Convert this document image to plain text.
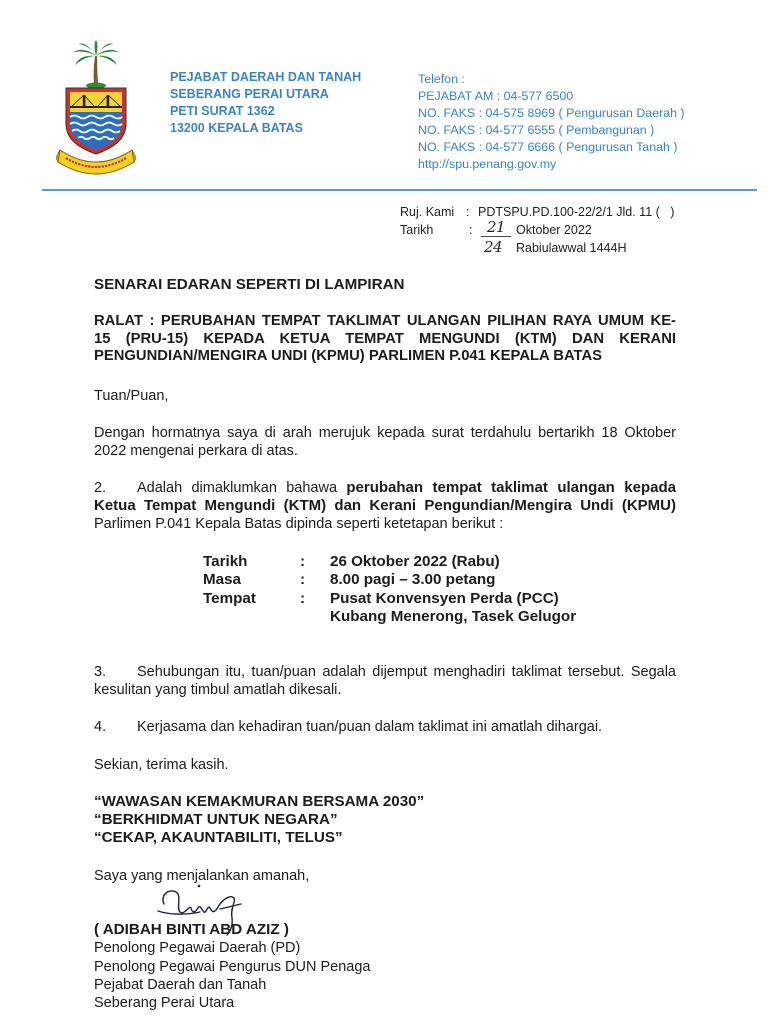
PEJABAT DAERAH DAN TANAH
SEBERANG PERAI UTARA
PETI SURAT 1362
13200 KEPALA BATAS
Telefon :
PEJABAT AM : 04-577 6500
NO. FAKS : 04-575 8969 ( Pengurusan Daerah )
NO. FAKS : 04-577 6555 ( Pembangunan )
NO. FAKS : 04-577 6666 ( Pengurusan Tanah )
http://spu.penang.gov.my
Ruj. Kami : PDTSPU.PD.100-22/2/1 Jld. 11 (   )
Tarikh	: 21 Oktober 2022
24 Rabiulawwal 1444H
SENARAI EDARAN SEPERTI DI LAMPIRAN
RALAT : PERUBAHAN TEMPAT TAKLIMAT ULANGAN PILIHAN RAYA UMUM KE-
15 (PRU-15) KEPADA KETUA TEMPAT MENGUNDI (KTM) DAN KERANI
PENGUNDIAN/MENGIRA UNDI (KPMU) PARLIMEN P.041 KEPALA BATAS
Tuan/Puan,
Dengan hormatnya saya di arah merujuk kepada surat terdahulu bertarikh 18 Oktober
2022 mengenai perkara di atas.
2.	Adalah dimaklumkan bahawa perubahan tempat taklimat ulangan kepada
Ketua Tempat Mengundi (KTM) dan Kerani Pengundian/Mengira Undi (KPMU)
Parlimen P.041 Kepala Batas dipinda seperti ketetapan berikut :
Tarikh	:	26 Oktober 2022 (Rabu)
Masa	:	8.00 pagi – 3.00 petang
Tempat	:	Pusat Konvensyen Perda (PCC)
Kubang Menerong, Tasek Gelugor
3.	Sehubungan itu, tuan/puan adalah dijemput menghadiri taklimat tersebut. Segala
kesulitan yang timbul amatlah dikesali.
4.	Kerjasama dan kehadiran tuan/puan dalam taklimat ini amatlah dihargai.
Sekian, terima kasih.
“WAWASAN KEMAKMURAN BERSAMA 2030”
“BERKHIDMAT UNTUK NEGARA”
“CEKAP, AKAUNTABILITI, TELUS”
Saya yang menjalankan amanah,
( ADIBAH BINTI ABD AZIZ )
Penolong Pegawai Daerah (PD)
Penolong Pegawai Pengurus DUN Penaga
Pejabat Daerah dan Tanah
Seberang Perai Utara
